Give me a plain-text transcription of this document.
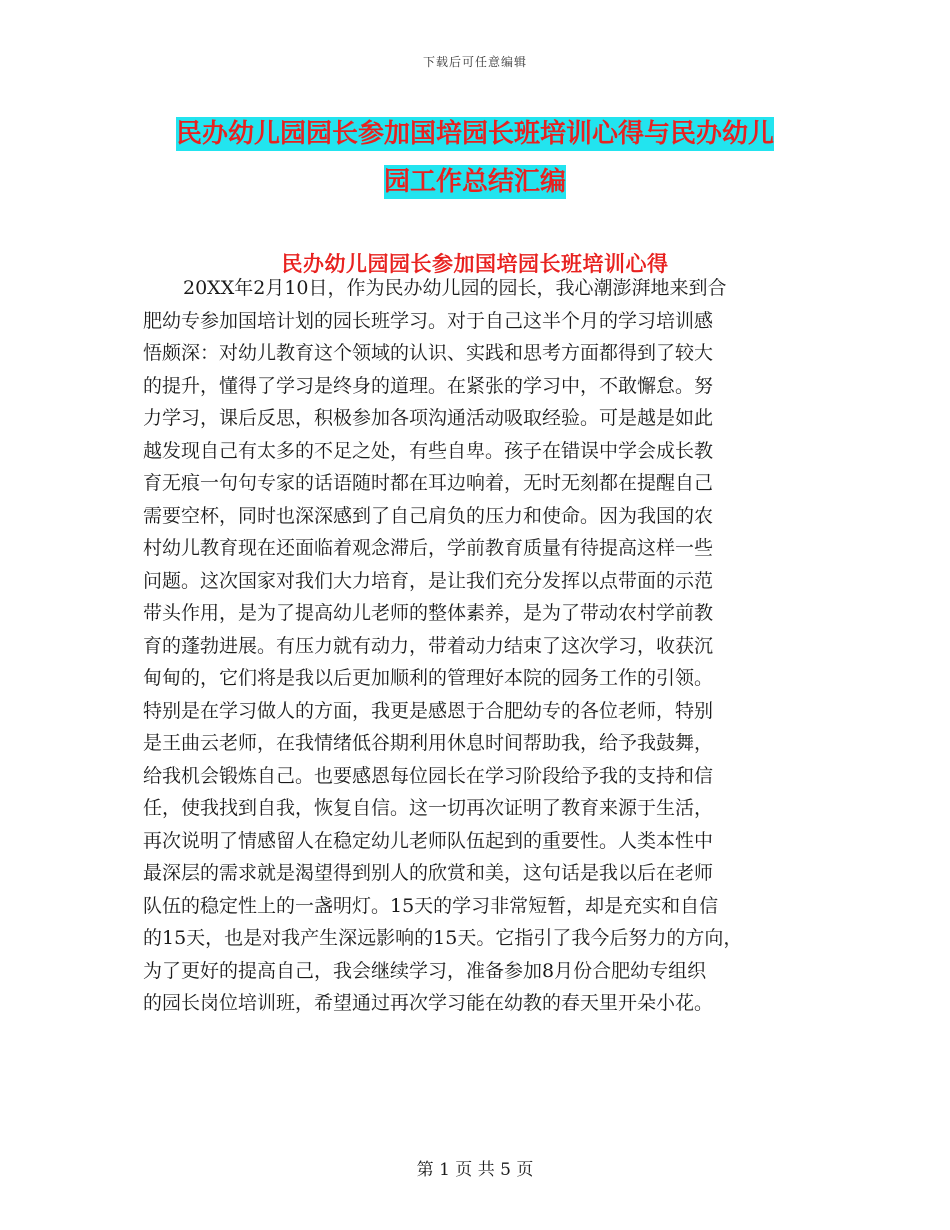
下载后可任意编辑
民办幼儿园园长参加国培园长班培训心得与民办幼儿
园工作总结汇编
民办幼儿园园长参加国培园长班培训心得
20XX年2月10日，作为民办幼儿园的园长，我心潮澎湃地来到合
肥幼专参加国培计划的园长班学习。对于自己这半个月的学习培训感
悟颇深：对幼儿教育这个领域的认识、实践和思考方面都得到了较大
的提升，懂得了学习是终身的道理。在紧张的学习中，不敢懈怠。努
力学习，课后反思，积极参加各项沟通活动吸取经验。可是越是如此
越发现自己有太多的不足之处，有些自卑。孩子在错误中学会成长教
育无痕一句句专家的话语随时都在耳边响着，无时无刻都在提醒自己
需要空杯，同时也深深感到了自己肩负的压力和使命。因为我国的农
村幼儿教育现在还面临着观念滞后，学前教育质量有待提高这样一些
问题。这次国家对我们大力培育，是让我们充分发挥以点带面的示范
带头作用，是为了提高幼儿老师的整体素养，是为了带动农村学前教
育的蓬勃进展。有压力就有动力，带着动力结束了这次学习，收获沉
甸甸的，它们将是我以后更加顺利的管理好本院的园务工作的引领。
特别是在学习做人的方面，我更是感恩于合肥幼专的各位老师，特别
是王曲云老师，在我情绪低谷期利用休息时间帮助我，给予我鼓舞，
给我机会锻炼自己。也要感恩每位园长在学习阶段给予我的支持和信
任，使我找到自我，恢复自信。这一切再次证明了教育来源于生活，
再次说明了情感留人在稳定幼儿老师队伍起到的重要性。人类本性中
最深层的需求就是渴望得到别人的欣赏和美，这句话是我以后在老师
队伍的稳定性上的一盏明灯。15天的学习非常短暂，却是充实和自信
的15天，也是对我产生深远影响的15天。它指引了我今后努力的方向，
为了更好的提高自己，我会继续学习，准备参加8月份合肥幼专组织
的园长岗位培训班，希望通过再次学习能在幼教的春天里开朵小花。
第 1 页 共 5 页
